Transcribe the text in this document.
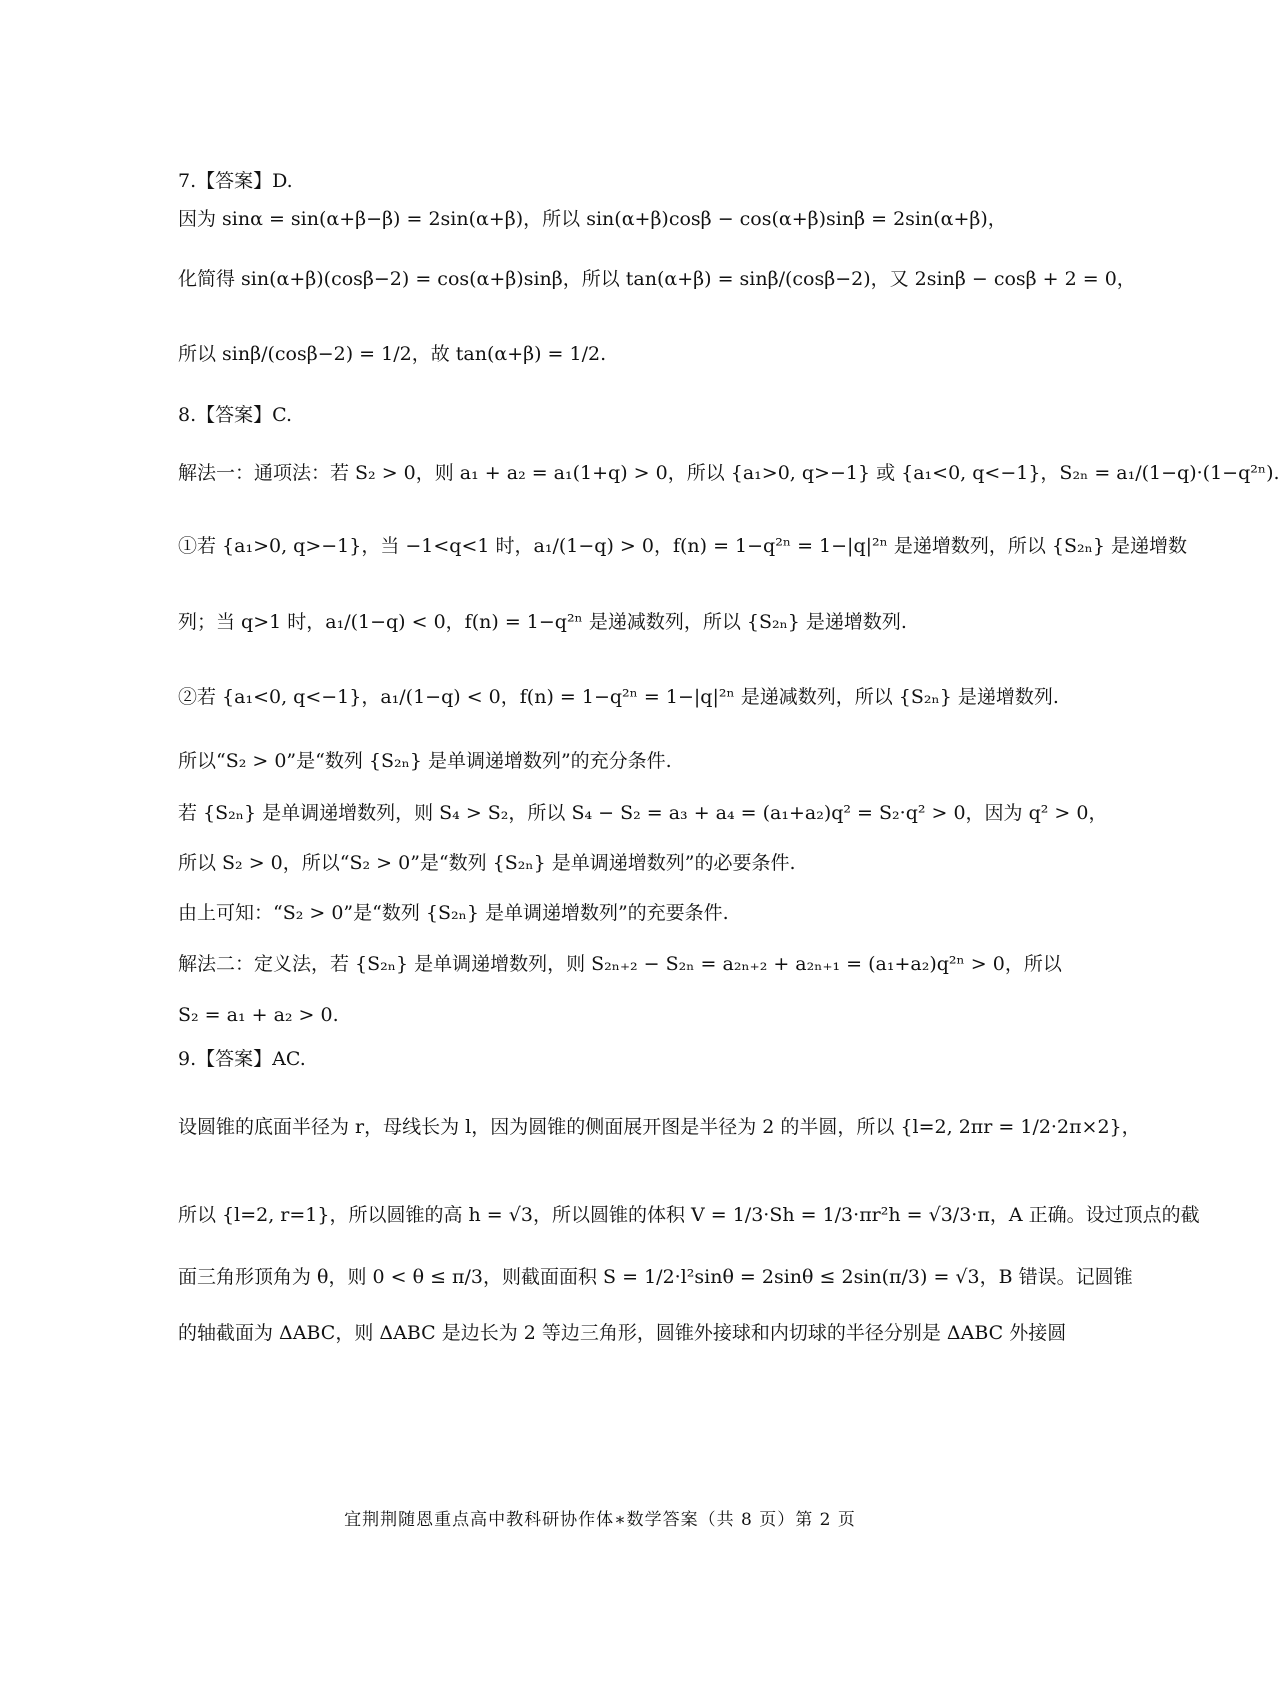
7.【答案】D.
因为 sinα = sin(α+β−β) = 2sin(α+β)，所以 sin(α+β)cosβ − cos(α+β)sinβ = 2sin(α+β)，
化简得 sin(α+β)(cosβ−2) = cos(α+β)sinβ，所以 tan(α+β) = sinβ/(cosβ−2)，又 2sinβ − cosβ + 2 = 0，
所以 sinβ/(cosβ−2) = 1/2，故 tan(α+β) = 1/2.
8.【答案】C.
解法一：通项法：若 S₂ > 0，则 a₁ + a₂ = a₁(1+q) > 0，所以 {a₁>0, q>−1} 或 {a₁<0, q<−1}，S₂ₙ = a₁/(1−q)·(1−q²ⁿ).
①若 {a₁>0, q>−1}，当 −1<q<1 时，a₁/(1−q) > 0，f(n) = 1−q²ⁿ = 1−|q|²ⁿ 是递增数列，所以 {S₂ₙ} 是递增数
列；当 q>1 时，a₁/(1−q) < 0，f(n) = 1−q²ⁿ 是递减数列，所以 {S₂ₙ} 是递增数列.
②若 {a₁<0, q<−1}，a₁/(1−q) < 0，f(n) = 1−q²ⁿ = 1−|q|²ⁿ 是递减数列，所以 {S₂ₙ} 是递增数列.
所以“S₂ > 0”是“数列 {S₂ₙ} 是单调递增数列”的充分条件.
若 {S₂ₙ} 是单调递增数列，则 S₄ > S₂，所以 S₄ − S₂ = a₃ + a₄ = (a₁+a₂)q² = S₂·q² > 0，因为 q² > 0，
所以 S₂ > 0，所以“S₂ > 0”是“数列 {S₂ₙ} 是单调递增数列”的必要条件.
由上可知：“S₂ > 0”是“数列 {S₂ₙ} 是单调递增数列”的充要条件.
解法二：定义法，若 {S₂ₙ} 是单调递增数列，则 S₂ₙ₊₂ − S₂ₙ = a₂ₙ₊₂ + a₂ₙ₊₁ = (a₁+a₂)q²ⁿ > 0，所以
S₂ = a₁ + a₂ > 0.
9.【答案】AC.
设圆锥的底面半径为 r，母线长为 l，因为圆锥的侧面展开图是半径为 2 的半圆，所以 {l=2, 2πr = 1/2·2π×2}，
所以 {l=2, r=1}，所以圆锥的高 h = √3，所以圆锥的体积 V = 1/3·Sh = 1/3·πr²h = √3/3·π，A 正确。设过顶点的截
面三角形顶角为 θ，则 0 < θ ≤ π/3，则截面面积 S = 1/2·l²sinθ = 2sinθ ≤ 2sin(π/3) = √3，B 错误。记圆锥
的轴截面为 ΔABC，则 ΔABC 是边长为 2 等边三角形，圆锥外接球和内切球的半径分别是 ΔABC 外接圆
宜荆荆随恩重点高中教科研协作体∗数学答案（共 8 页）第 2 页
